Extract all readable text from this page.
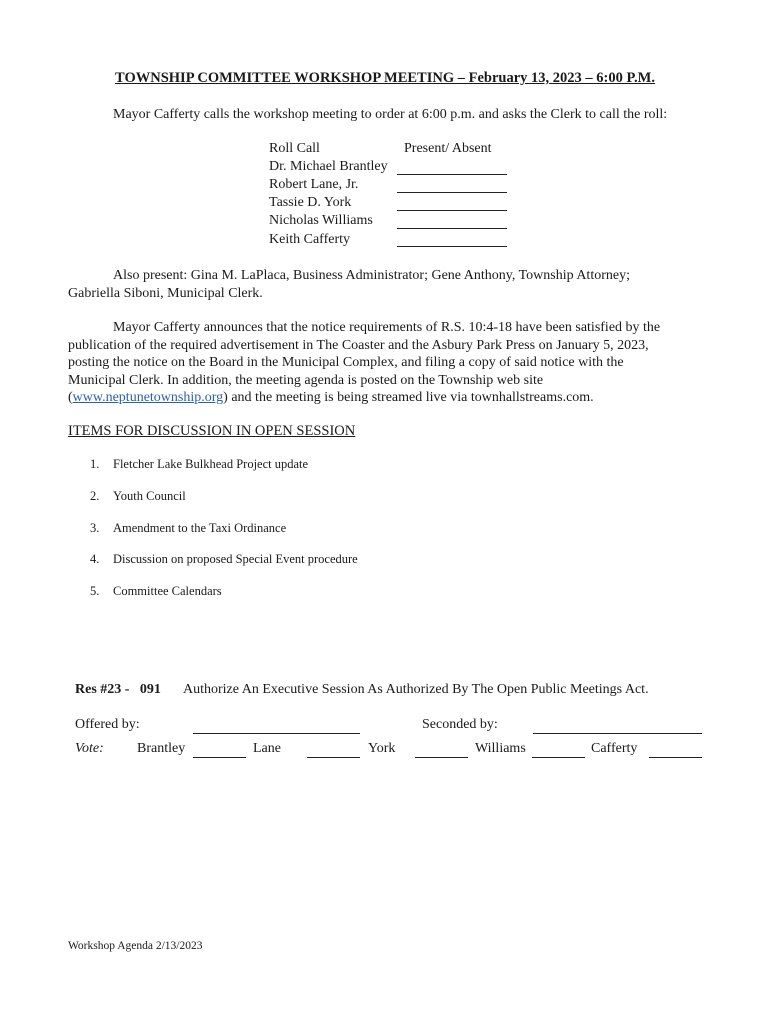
TOWNSHIP COMMITTEE WORKSHOP MEETING – February 13, 2023 – 6:00 P.M.
Mayor Cafferty calls the workshop meeting to order at 6:00 p.m. and asks the Clerk to call the roll:
Roll Call	Present/ Absent
Dr. Michael Brantley
Robert Lane, Jr.
Tassie D. York
Nicholas Williams
Keith Cafferty
Also present: Gina M. LaPlaca, Business Administrator; Gene Anthony, Township Attorney;
Gabriella Siboni, Municipal Clerk.
Mayor Cafferty announces that the notice requirements of R.S. 10:4-18 have been satisfied by the
publication of the required advertisement in The Coaster and the Asbury Park Press on January 5, 2023,
posting the notice on the Board in the Municipal Complex, and filing a copy of said notice with the
Municipal Clerk. In addition, the meeting agenda is posted on the Township web site
(www.neptunetownship.org) and the meeting is being streamed live via townhallstreams.com.
ITEMS FOR DISCUSSION IN OPEN SESSION
1. Fletcher Lake Bulkhead Project update
2. Youth Council
3. Amendment to the Taxi Ordinance
4. Discussion on proposed Special Event procedure
5. Committee Calendars
Res #23 -   091 Authorize An Executive Session As Authorized By The Open Public Meetings Act.
Offered by:	Seconded by:
Vote: Brantley	Lane	York	Williams	Cafferty
Workshop Agenda 2/13/2023
